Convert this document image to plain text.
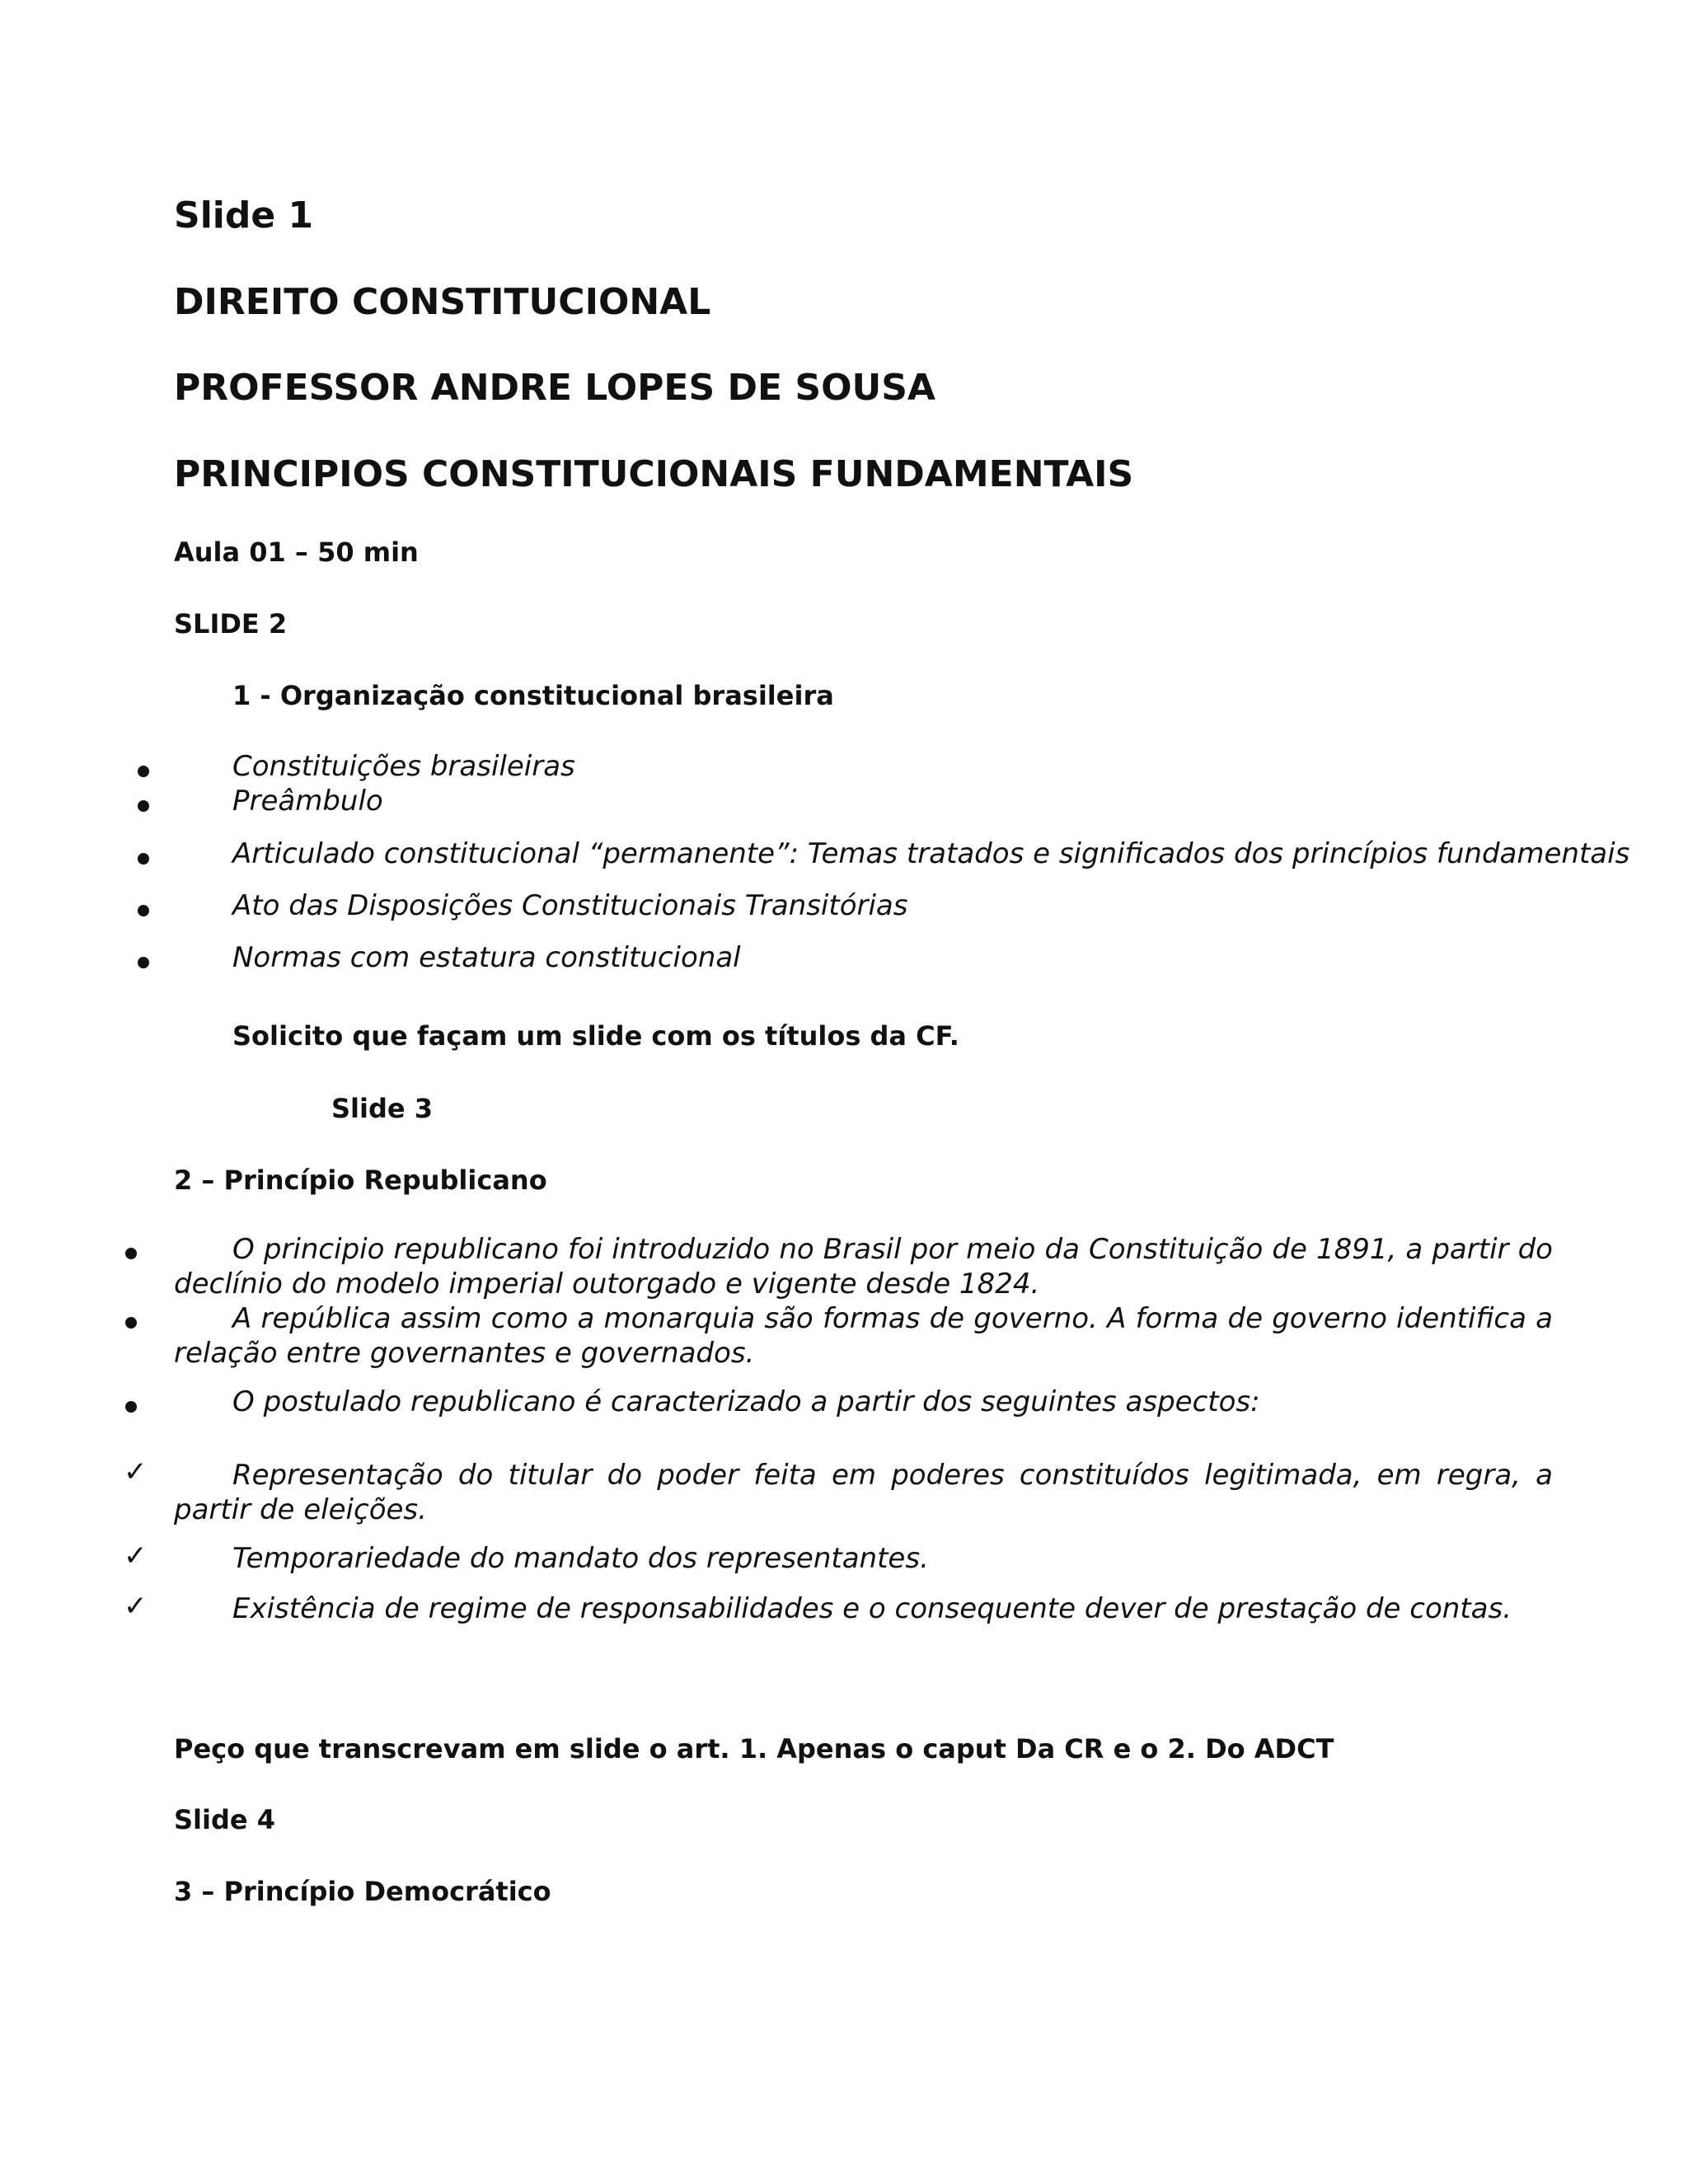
Slide 1

DIREITO CONSTITUCIONAL

PROFESSOR ANDRE LOPES DE SOUSA

PRINCIPIOS CONSTITUCIONAIS FUNDAMENTAIS

Aula 01 – 50 min

SLIDE 2

1 - Organização constitucional brasileira

Constituições brasileiras

Preâmbulo

Articulado constitucional “permanente”: Temas tratados e significados dos princípios fundamentais

Ato das Disposições Constitucionais Transitórias

Normas com estatura constitucional

Solicito que façam um slide com os títulos da CF.

Slide 3

2 – Princípio Republicano

O principio republicano foi introduzido no Brasil por meio da Constituição de 1891, a partir do declínio do modelo imperial outorgado e vigente desde 1824.

A república assim como a monarquia são formas de governo. A forma de governo identifica a relação entre governantes e governados.

O postulado republicano é caracterizado a partir dos seguintes aspectos:

✓	Representação do titular do poder feita em poderes constituídos legitimada, em regra, a partir de eleições.

✓	Temporariedade do mandato dos representantes.

✓	Existência de regime de responsabilidades e o consequente dever de prestação de contas.

Peço que transcrevam em slide o art. 1. Apenas o caput Da CR e o 2. Do ADCT

Slide 4

3 – Princípio Democrático
